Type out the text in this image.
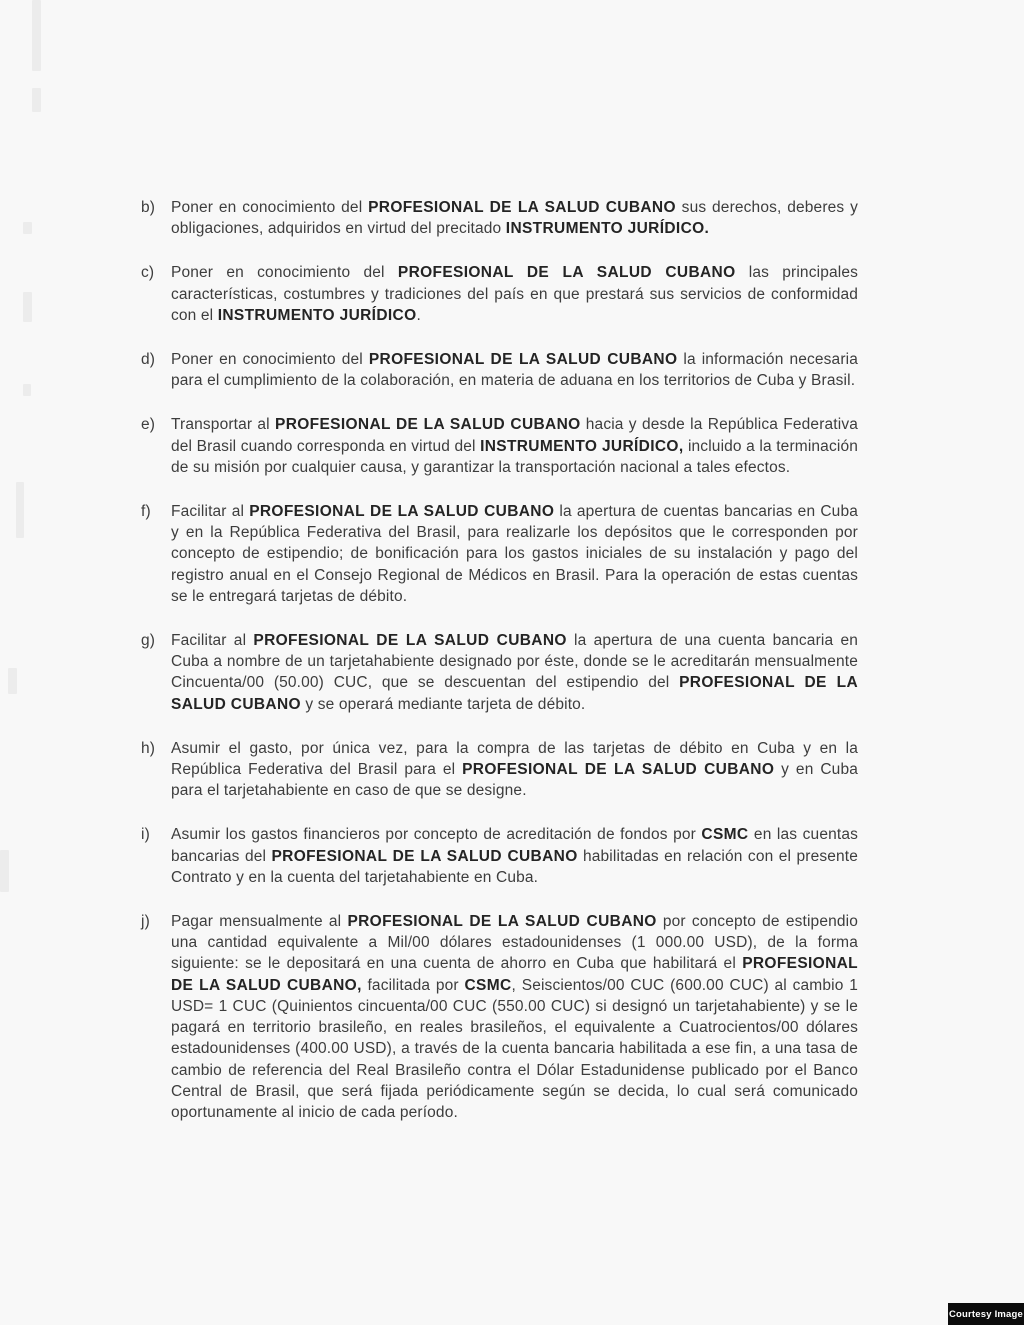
b) Poner en conocimiento del PROFESIONAL DE LA SALUD CUBANO sus derechos, deberes y obligaciones, adquiridos en virtud del precitado INSTRUMENTO JURÍDICO.
c) Poner en conocimiento del PROFESIONAL DE LA SALUD CUBANO las principales características, costumbres y tradiciones del país en que prestará sus servicios de conformidad con el INSTRUMENTO JURÍDICO.
d) Poner en conocimiento del PROFESIONAL DE LA SALUD CUBANO la información necesaria para el cumplimiento de la colaboración, en materia de aduana en los territorios de Cuba y Brasil.
e) Transportar al PROFESIONAL DE LA SALUD CUBANO hacia y desde la República Federativa del Brasil cuando corresponda en virtud del INSTRUMENTO JURÍDICO, incluido a la terminación de su misión por cualquier causa, y garantizar la transportación nacional a tales efectos.
f) Facilitar al PROFESIONAL DE LA SALUD CUBANO la apertura de cuentas bancarias en Cuba y en la República Federativa del Brasil, para realizarle los depósitos que le corresponden por concepto de estipendio; de bonificación para los gastos iniciales de su instalación y pago del registro anual en el Consejo Regional de Médicos en Brasil. Para la operación de estas cuentas se le entregará tarjetas de débito.
g) Facilitar al PROFESIONAL DE LA SALUD CUBANO la apertura de una cuenta bancaria en Cuba a nombre de un tarjetahabiente designado por éste, donde se le acreditarán mensualmente Cincuenta/00 (50.00) CUC, que se descuentan del estipendio del PROFESIONAL DE LA SALUD CUBANO y se operará mediante tarjeta de débito.
h) Asumir el gasto, por única vez, para la compra de las tarjetas de débito en Cuba y en la República Federativa del Brasil para el PROFESIONAL DE LA SALUD CUBANO y en Cuba para el tarjetahabiente en caso de que se designe.
i) Asumir los gastos financieros por concepto de acreditación de fondos por CSMC en las cuentas bancarias del PROFESIONAL DE LA SALUD CUBANO habilitadas en relación con el presente Contrato y en la cuenta del tarjetahabiente en Cuba.
j) Pagar mensualmente al PROFESIONAL DE LA SALUD CUBANO por concepto de estipendio una cantidad equivalente a Mil/00 dólares estadounidenses (1 000.00 USD), de la forma siguiente: se le depositará en una cuenta de ahorro en Cuba que habilitará el PROFESIONAL DE LA SALUD CUBANO, facilitada por CSMC, Seiscientos/00 CUC (600.00 CUC) al cambio 1 USD= 1 CUC (Quinientos cincuenta/00 CUC (550.00 CUC) si designó un tarjetahabiente) y se le pagará en territorio brasileño, en reales brasileños, el equivalente a Cuatrocientos/00 dólares estadounidenses (400.00 USD), a través de la cuenta bancaria habilitada a ese fin, a una tasa de cambio de referencia del Real Brasileño contra el Dólar Estadunidense publicado por el Banco Central de Brasil, que será fijada periódicamente según se decida, lo cual será comunicado oportunamente al inicio de cada período.
Courtesy Image
